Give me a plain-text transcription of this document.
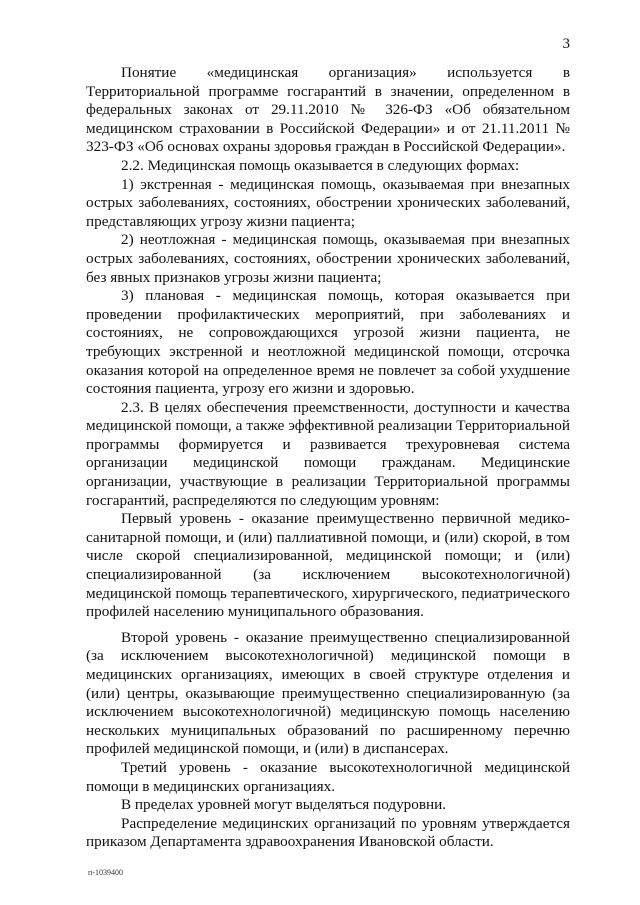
3

Понятие «медицинская организация» используется в Территориальной программе госгарантий в значении, определенном в федеральных законах от 29.11.2010 № 326-ФЗ «Об обязательном медицинском страховании в Российской Федерации» и от 21.11.2011 № 323-ФЗ «Об основах охраны здоровья граждан в Российской Федерации».

2.2. Медицинская помощь оказывается в следующих формах:

1) экстренная - медицинская помощь, оказываемая при внезапных острых заболеваниях, состояниях, обострении хронических заболеваний, представляющих угрозу жизни пациента;

2) неотложная - медицинская помощь, оказываемая при внезапных острых заболеваниях, состояниях, обострении хронических заболеваний, без явных признаков угрозы жизни пациента;

3) плановая - медицинская помощь, которая оказывается при проведении профилактических мероприятий, при заболеваниях и состояниях, не сопровождающихся угрозой жизни пациента, не требующих экстренной и неотложной медицинской помощи, отсрочка оказания которой на определенное время не повлечет за собой ухудшение состояния пациента, угрозу его жизни и здоровью.

2.3. В целях обеспечения преемственности, доступности и качества медицинской помощи, а также эффективной реализации Территориальной программы формируется и развивается трехуровневая система организации медицинской помощи гражданам. Медицинские организации, участвующие в реализации Территориальной программы госгарантий, распределяются по следующим уровням:

Первый уровень - оказание преимущественно первичной медико-санитарной помощи, и (или) паллиативной помощи, и (или) скорой, в том числе скорой специализированной, медицинской помощи; и (или) специализированной (за исключением высокотехнологичной) медицинской помощь терапевтического, хирургического, педиатрического профилей населению муниципального образования.

Второй уровень - оказание преимущественно специализированной (за исключением высокотехнологичной) медицинской помощи в медицинских организациях, имеющих в своей структуре отделения и (или) центры, оказывающие преимущественно специализированную (за исключением высокотехнологичной) медицинскую помощь населению нескольких муниципальных образований по расширенному перечню профилей медицинской помощи, и (или) в диспансерах.

Третий уровень - оказание высокотехнологичной медицинской помощи в медицинских организациях.

В пределах уровней могут выделяться подуровни.

Распределение медицинских организаций по уровням утверждается приказом Департамента здравоохранения Ивановской области.

п-1039400
